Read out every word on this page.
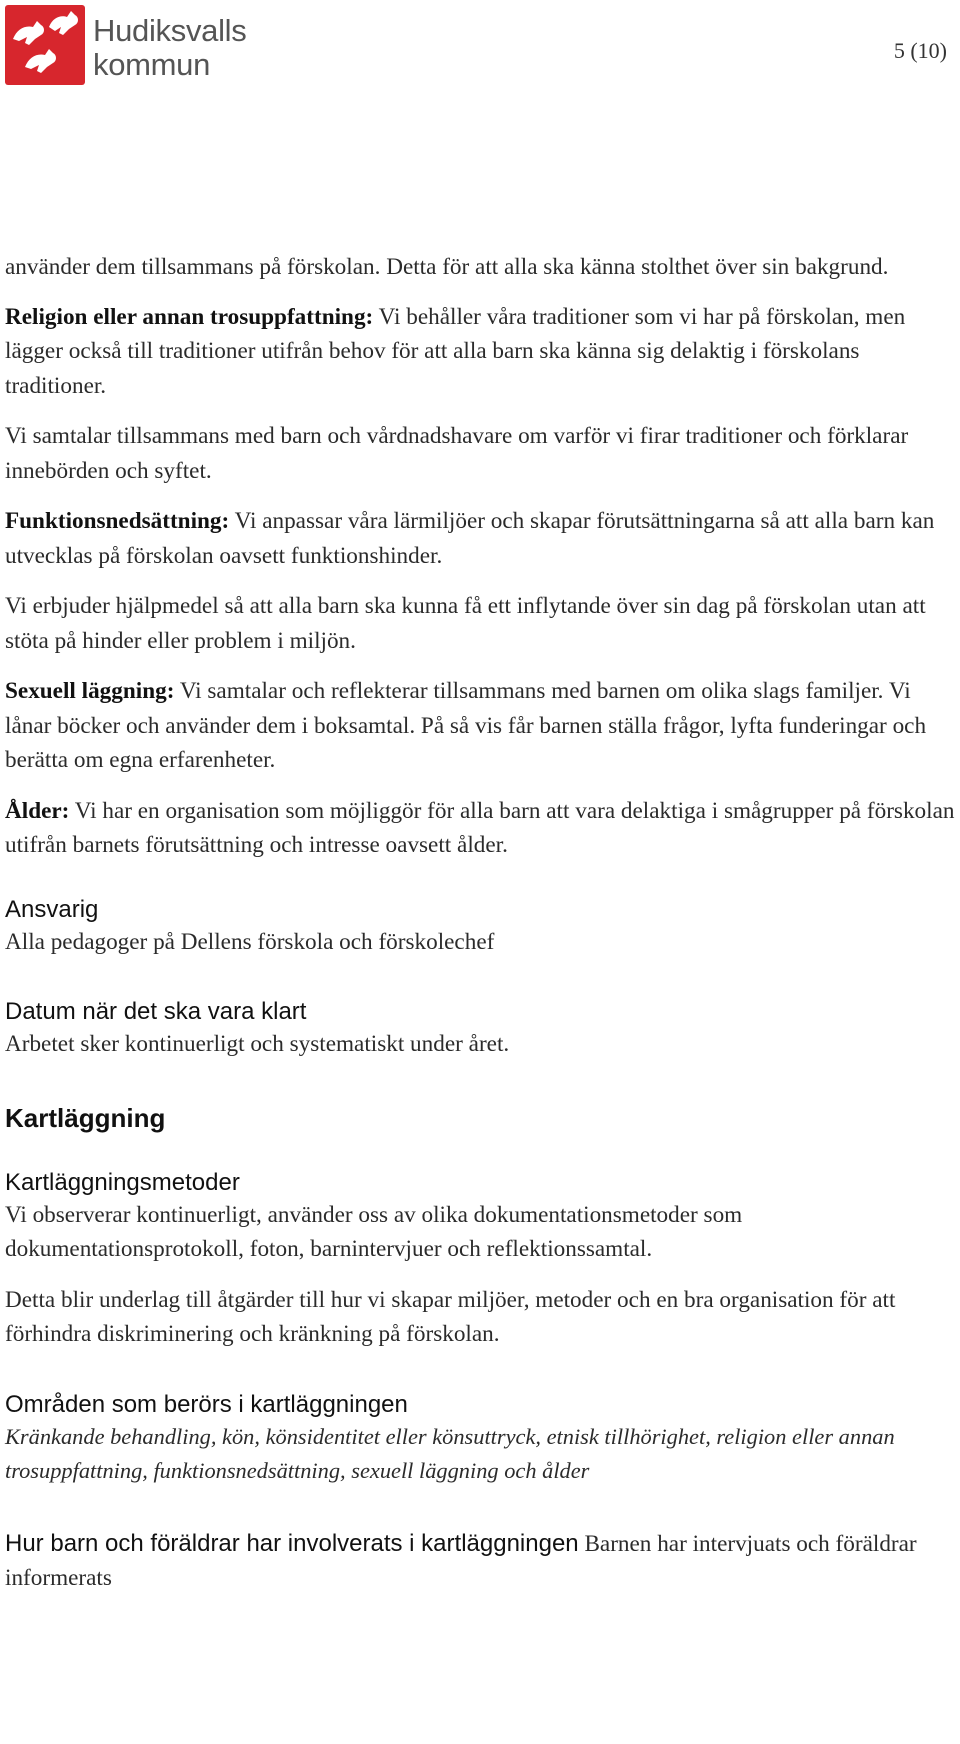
Hudiksvalls
kommun	5 (10)

använder dem tillsammans på förskolan. Detta för att alla ska känna stolthet över sin bakgrund.

Religion eller annan trosuppfattning: Vi behåller våra traditioner som vi har på förskolan, men lägger också till traditioner utifrån behov för att alla barn ska känna sig delaktig i förskolans traditioner.

Vi samtalar tillsammans med barn och vårdnadshavare om varför vi firar traditioner och förklarar innebörden och syftet.

Funktionsnedsättning: Vi anpassar våra lärmiljöer och skapar förutsättningarna så att alla barn kan utvecklas på förskolan oavsett funktionshinder.

Vi erbjuder hjälpmedel så att alla barn ska kunna få ett inflytande över sin dag på förskolan utan att stöta på hinder eller problem i miljön.

Sexuell läggning: Vi samtalar och reflekterar tillsammans med barnen om olika slags familjer. Vi lånar böcker och använder dem i boksamtal. På så vis får barnen ställa frågor, lyfta funderingar och berätta om egna erfarenheter.

Ålder: Vi har en organisation som möjliggör för alla barn att vara delaktiga i smågrupper på förskolan utifrån barnets förutsättning och intresse oavsett ålder.

Ansvarig

Alla pedagoger på Dellens förskola och förskolechef

Datum när det ska vara klart

Arbetet sker kontinuerligt och systematiskt under året.

Kartläggning
Kartläggningsmetoder

Vi observerar kontinuerligt, använder oss av olika dokumentationsmetoder som dokumentationsprotokoll, foton, barnintervjuer och reflektionssamtal.

Detta blir underlag till åtgärder till hur vi skapar miljöer, metoder och en bra organisation för att förhindra diskriminering och kränkning på förskolan.

Områden som berörs i kartläggningen

Kränkande behandling, kön, könsidentitet eller könsuttryck, etnisk tillhörighet, religion eller annan trosuppfattning, funktionsnedsättning, sexuell läggning och ålder

Hur barn och föräldrar har involverats i kartläggningen Barnen har intervjuats och föräldrar informerats
